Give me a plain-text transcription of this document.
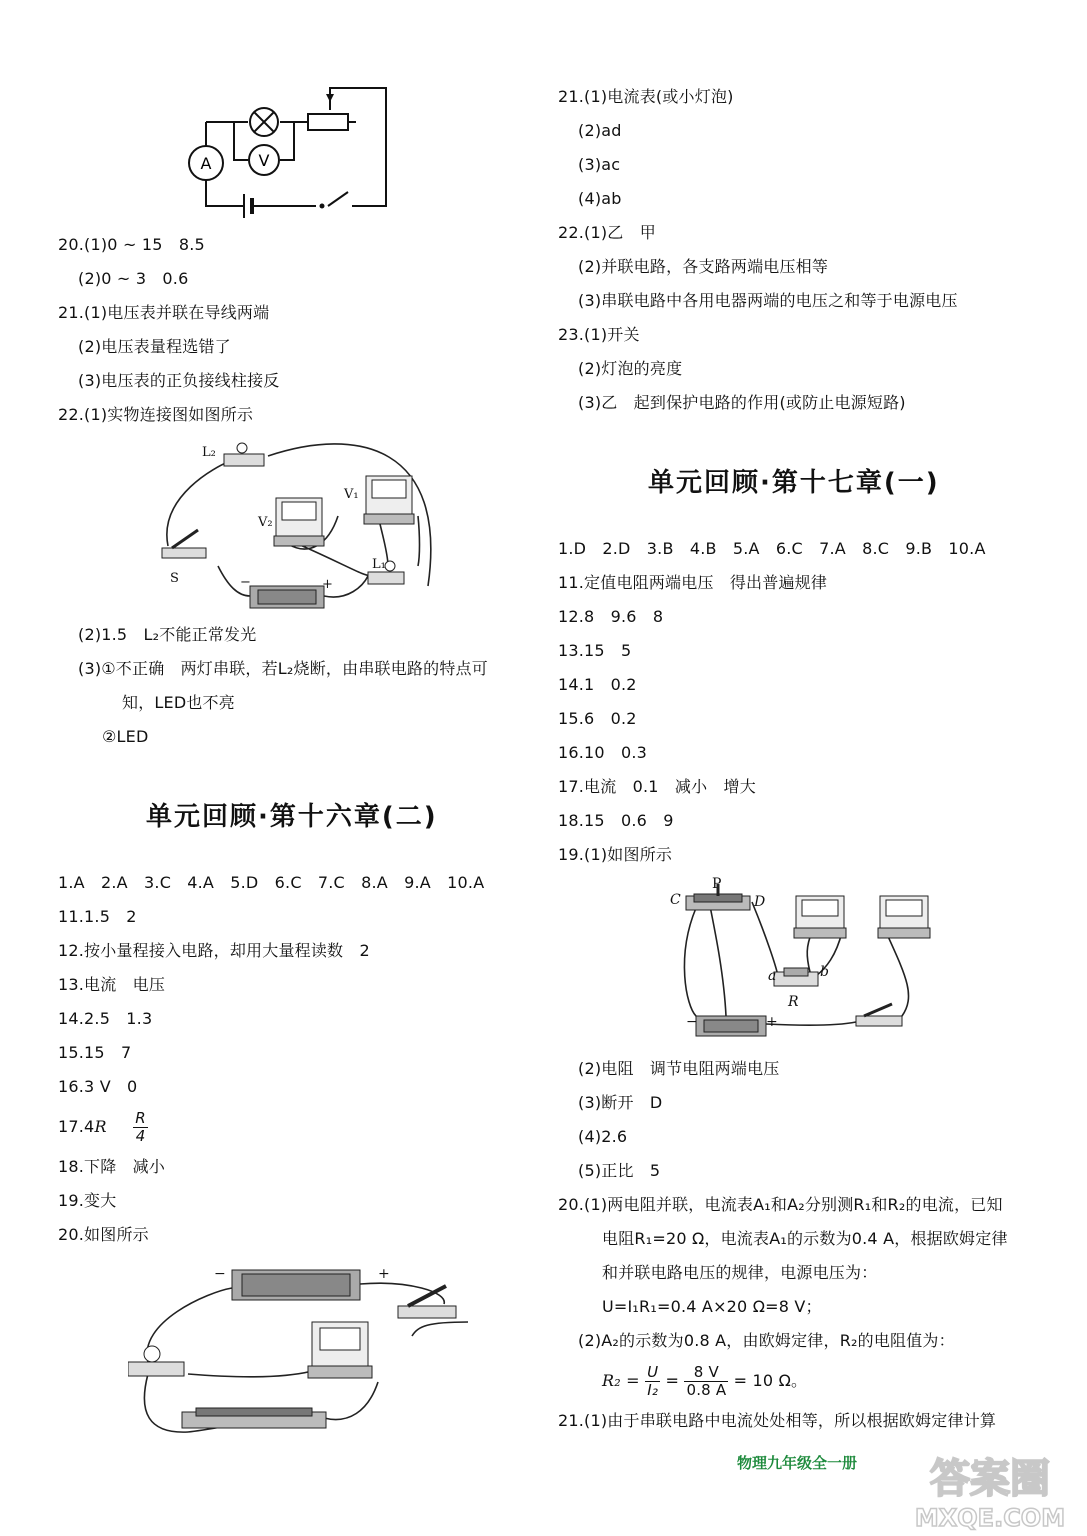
A	V
20.(1)0 ~ 15　8.5
(2)0 ~ 3　0.6
21.(1)电压表并联在导线两端
(2)电压表量程选错了
(3)电压表的正负接线柱接反
22.(1)实物连接图如图所示
L₂
V₁
V₂
L₁
S	−	+
(2)1.5　L₂不能正常发光
(3)①不正确　两灯串联，若L₂烧断，由串联电路的特点可
知，LED也不亮
②LED
单元回顾·第十六章(二)
1.A　2.A　3.C　4.A　5.D　6.C　7.C　8.A　9.A　10.A
11.1.5　2
12.按小量程接入电路，却用大量程读数　2
13.电流　电压
14.2.5　1.3
15.15　7
16.3 V　0
$17.4R \frac{R}{4}$
18.下降　减小
19.变大
20.如图所示
−	+
21.(1)电流表(或小灯泡)
(2)ad
(3)ac
(4)ab
22.(1)乙　甲
(2)并联电路，各支路两端电压相等
(3)串联电路中各用电器两端的电压之和等于电源电压
23.(1)开关
(2)灯泡的亮度
(3)乙　起到保护电路的作用(或防止电源短路)
单元回顾·第十七章(一)
1.D　2.D　3.B　4.B　5.A　6.C　7.A　8.C　9.B　10.A
11.定值电阻两端电压　得出普遍规律
12.8　9.6　8
13.15　5
14.1　0.2
15.6　0.2
16.10　0.3
17.电流　0.1　减小　增大
18.15　0.6　9
19.(1)如图所示
C
P
D
a	b
R
−	+
(2)电阻　调节电阻两端电压
(3)断开　D
(4)2.6
(5)正比　5
20.(1)两电阻并联，电流表A₁和A₂分别测R₁和R₂的电流，已知
电阻R₁=20 Ω，电流表A₁的示数为0.4 A，根据欧姆定律
和并联电路电压的规律，电源电压为：
U=I₁R₁=0.4 A×20 Ω=8 V；
(2)A₂的示数为0.8 A，由欧姆定律，R₂的电阻值为：
$R_2 = \frac{U}{\text{I₂}} = \frac{8 V}{0.8 A} = 10$ Ω。
21.(1)由于串联电路中电流处处相等，所以根据欧姆定律计算
物理九年级全一册 答案圈
MXQE.COM
